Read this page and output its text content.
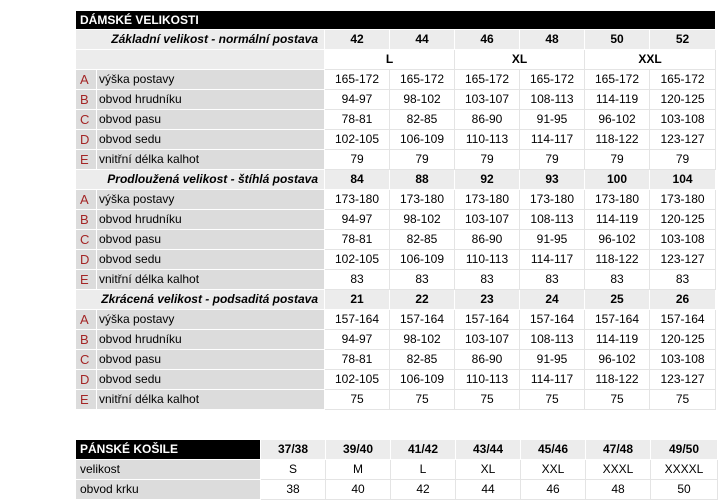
DÁMSKÉ VELIKOSTI							
Základní velikost - normální postava		42	44	46	48	50	52
		L		XL		XXL	
A	výška postavy	165-172	165-172	165-172	165-172	165-172	165-172
B	obvod hrudníku	94-97	98-102	103-107	108-113	114-119	120-125
C	obvod pasu	78-81	82-85	86-90	91-95	96-102	103-108
D	obvod sedu	102-105	106-109	110-113	114-117	118-122	123-127
E	vnitřní délka kalhot	79	79	79	79	79	79
Prodloužená velikost - štíhlá postava		84	88	92	93	100	104
A	výška postavy	173-180	173-180	173-180	173-180	173-180	173-180
B	obvod hrudníku	94-97	98-102	103-107	108-113	114-119	120-125
C	obvod pasu	78-81	82-85	86-90	91-95	96-102	103-108
D	obvod sedu	102-105	106-109	110-113	114-117	118-122	123-127
E	vnitřní délka kalhot	83	83	83	83	83	83
Zkrácená velikost - podsaditá postava		21	22	23	24	25	26
A	výška postavy	157-164	157-164	157-164	157-164	157-164	157-164
B	obvod hrudníku	94-97	98-102	103-107	108-113	114-119	120-125
C	obvod pasu	78-81	82-85	86-90	91-95	96-102	103-108
D	obvod sedu	102-105	106-109	110-113	114-117	118-122	123-127
E	vnitřní délka kalhot	75	75	75	75	75	75
PÁNSKÉ KOŠILE	37/38	39/40	41/42	43/44	45/46	47/48	49/50
velikost	S	M	L	XL	XXL	XXXL	XXXXL
obvod krku	38	40	42	44	46	48	50
